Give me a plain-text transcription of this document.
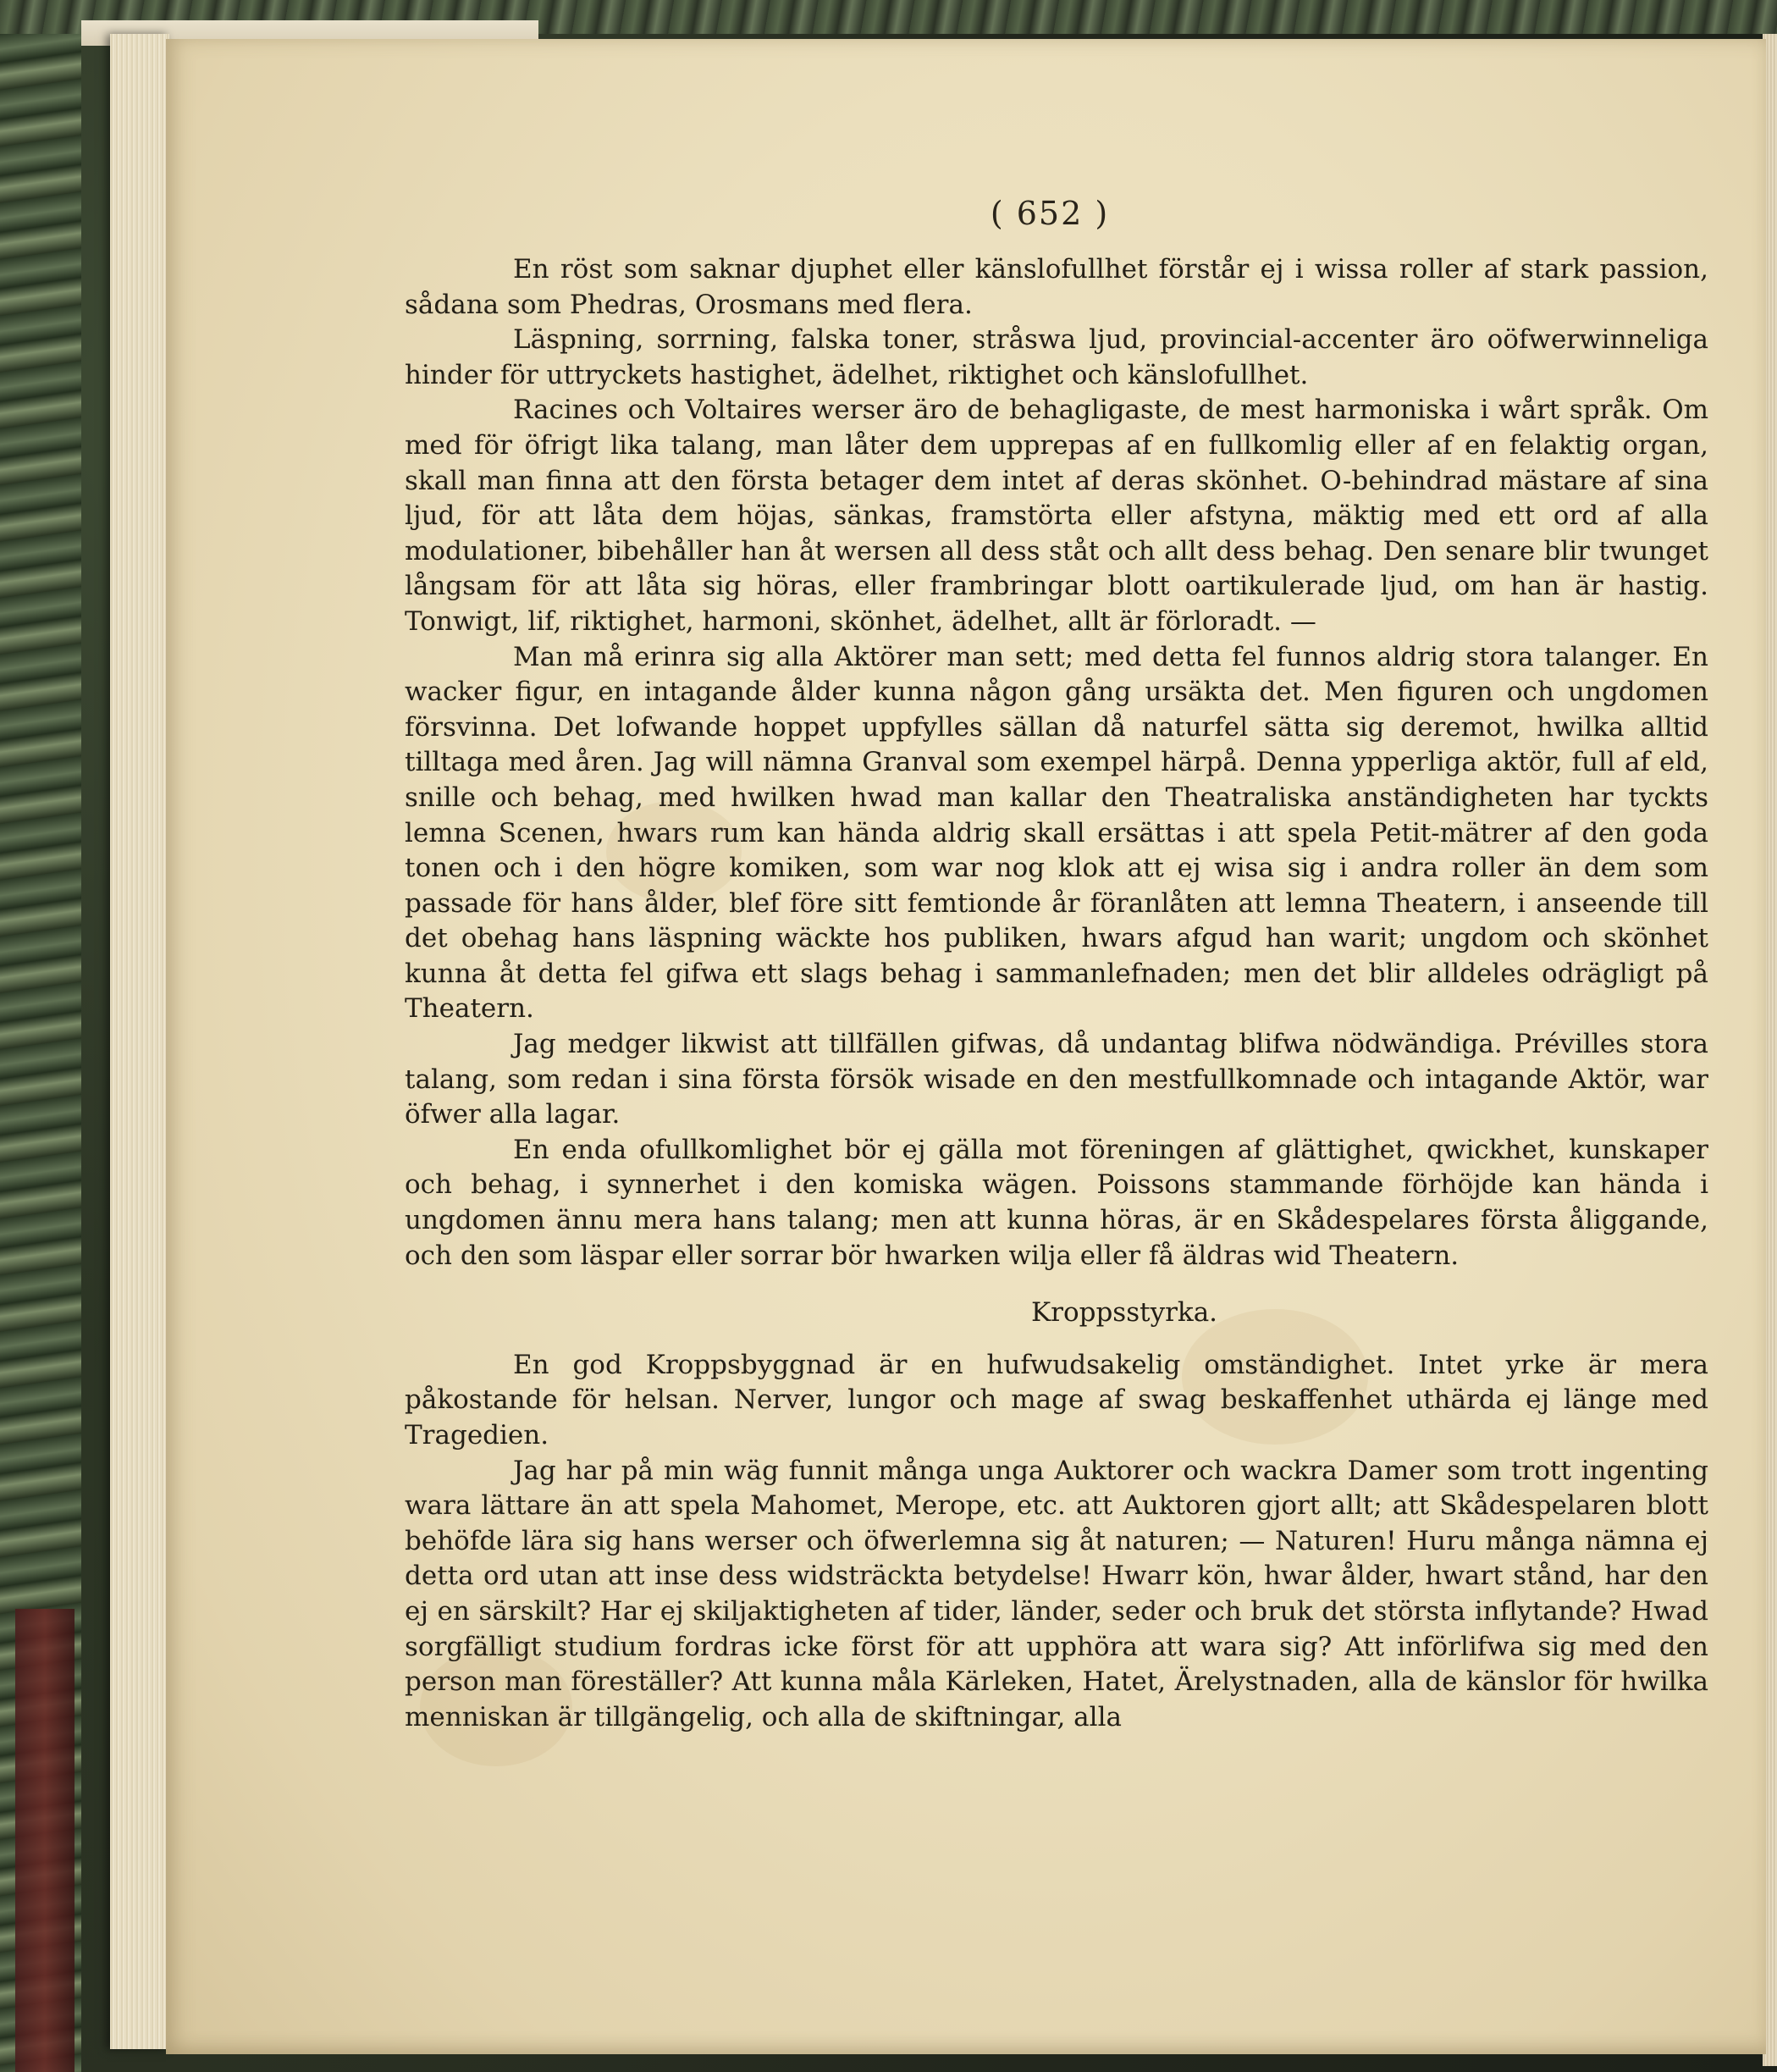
( 652 )

En röst som saknar djuphet eller känslofullhet förstår ej i wissa roller af stark passion, sådana som Phedras, Orosmans med flera.

Läspning, sorrning, falska toner, stråswa ljud, provincial-accenter äro oöfwerwinneliga hinder för uttryckets hastighet, ädelhet, riktighet och känslofullhet.

Racines och Voltaires werser äro de behagligaste, de mest harmoniska i wårt språk. Om med för öfrigt lika talang, man låter dem upprepas af en fullkomlig eller af en felaktig organ, skall man finna att den första betager dem intet af deras skönhet. O-behindrad mästare af sina ljud, för att låta dem höjas, sänkas, framstörta eller afstyna, mäktig med ett ord af alla modulationer, bibehåller han åt wersen all dess ståt och allt dess behag. Den senare blir twunget långsam för att låta sig höras, eller frambringar blott oartikulerade ljud, om han är hastig. Tonwigt, lif, riktighet, harmoni, skönhet, ädelhet, allt är förloradt. —

Man må erinra sig alla Aktörer man sett; med detta fel funnos aldrig stora talanger. En wacker figur, en intagande ålder kunna någon gång ursäkta det. Men figuren och ungdomen försvinna. Det lofwande hoppet uppfylles sällan då naturfel sätta sig deremot, hwilka alltid tilltaga med åren. Jag will nämna Granval som exempel härpå. Denna ypperliga aktör, full af eld, snille och behag, med hwilken hwad man kallar den Theatraliska anständigheten har tyckts lemna Scenen, hwars rum kan hända aldrig skall ersättas i att spela Petit-mätrer af den goda tonen och i den högre komiken, som war nog klok att ej wisa sig i andra roller än dem som passade för hans ålder, blef före sitt femtionde år föranlåten att lemna Theatern, i anseende till det obehag hans läspning wäckte hos publiken, hwars afgud han warit; ungdom och skönhet kunna åt detta fel gifwa ett slags behag i sammanlefnaden; men det blir alldeles odrägligt på Theatern.

Jag medger likwist att tillfällen gifwas, då undantag blifwa nödwändiga. Prévilles stora talang, som redan i sina första försök wisade en den mestfullkomnade och intagande Aktör, war öfwer alla lagar.

En enda ofullkomlighet bör ej gälla mot föreningen af glättighet, qwickhet, kunskaper och behag, i synnerhet i den komiska wägen. Poissons stammande förhöjde kan hända i ungdomen ännu mera hans talang; men att kunna höras, är en Skådespelares första åliggande, och den som läspar eller sorrar bör hwarken wilja eller få äldras wid Theatern.

Kroppsstyrka.

En god Kroppsbyggnad är en hufwudsakelig omständighet. Intet yrke är mera påkostande för helsan. Nerver, lungor och mage af swag beskaffenhet uthärda ej länge med Tragedien.

Jag har på min wäg funnit många unga Auktorer och wackra Damer som trott ingenting wara lättare än att spela Mahomet, Merope, etc. att Auktoren gjort allt; att Skådespelaren blott behöfde lära sig hans werser och öfwerlemna sig åt naturen; — Naturen! Huru många nämna ej detta ord utan att inse dess widsträckta betydelse! Hwarr kön, hwar ålder, hwart stånd, har den ej en särskilt? Har ej skiljaktigheten af tider, länder, seder och bruk det största inflytande? Hwad sorgfälligt studium fordras icke först för att upphöra att wara sig? Att införlifwa sig med den person man föreställer? Att kunna måla Kärleken, Hatet, Ärelystnaden, alla de känslor för hwilka menniskan är tillgängelig, och alla de skiftningar, alla
